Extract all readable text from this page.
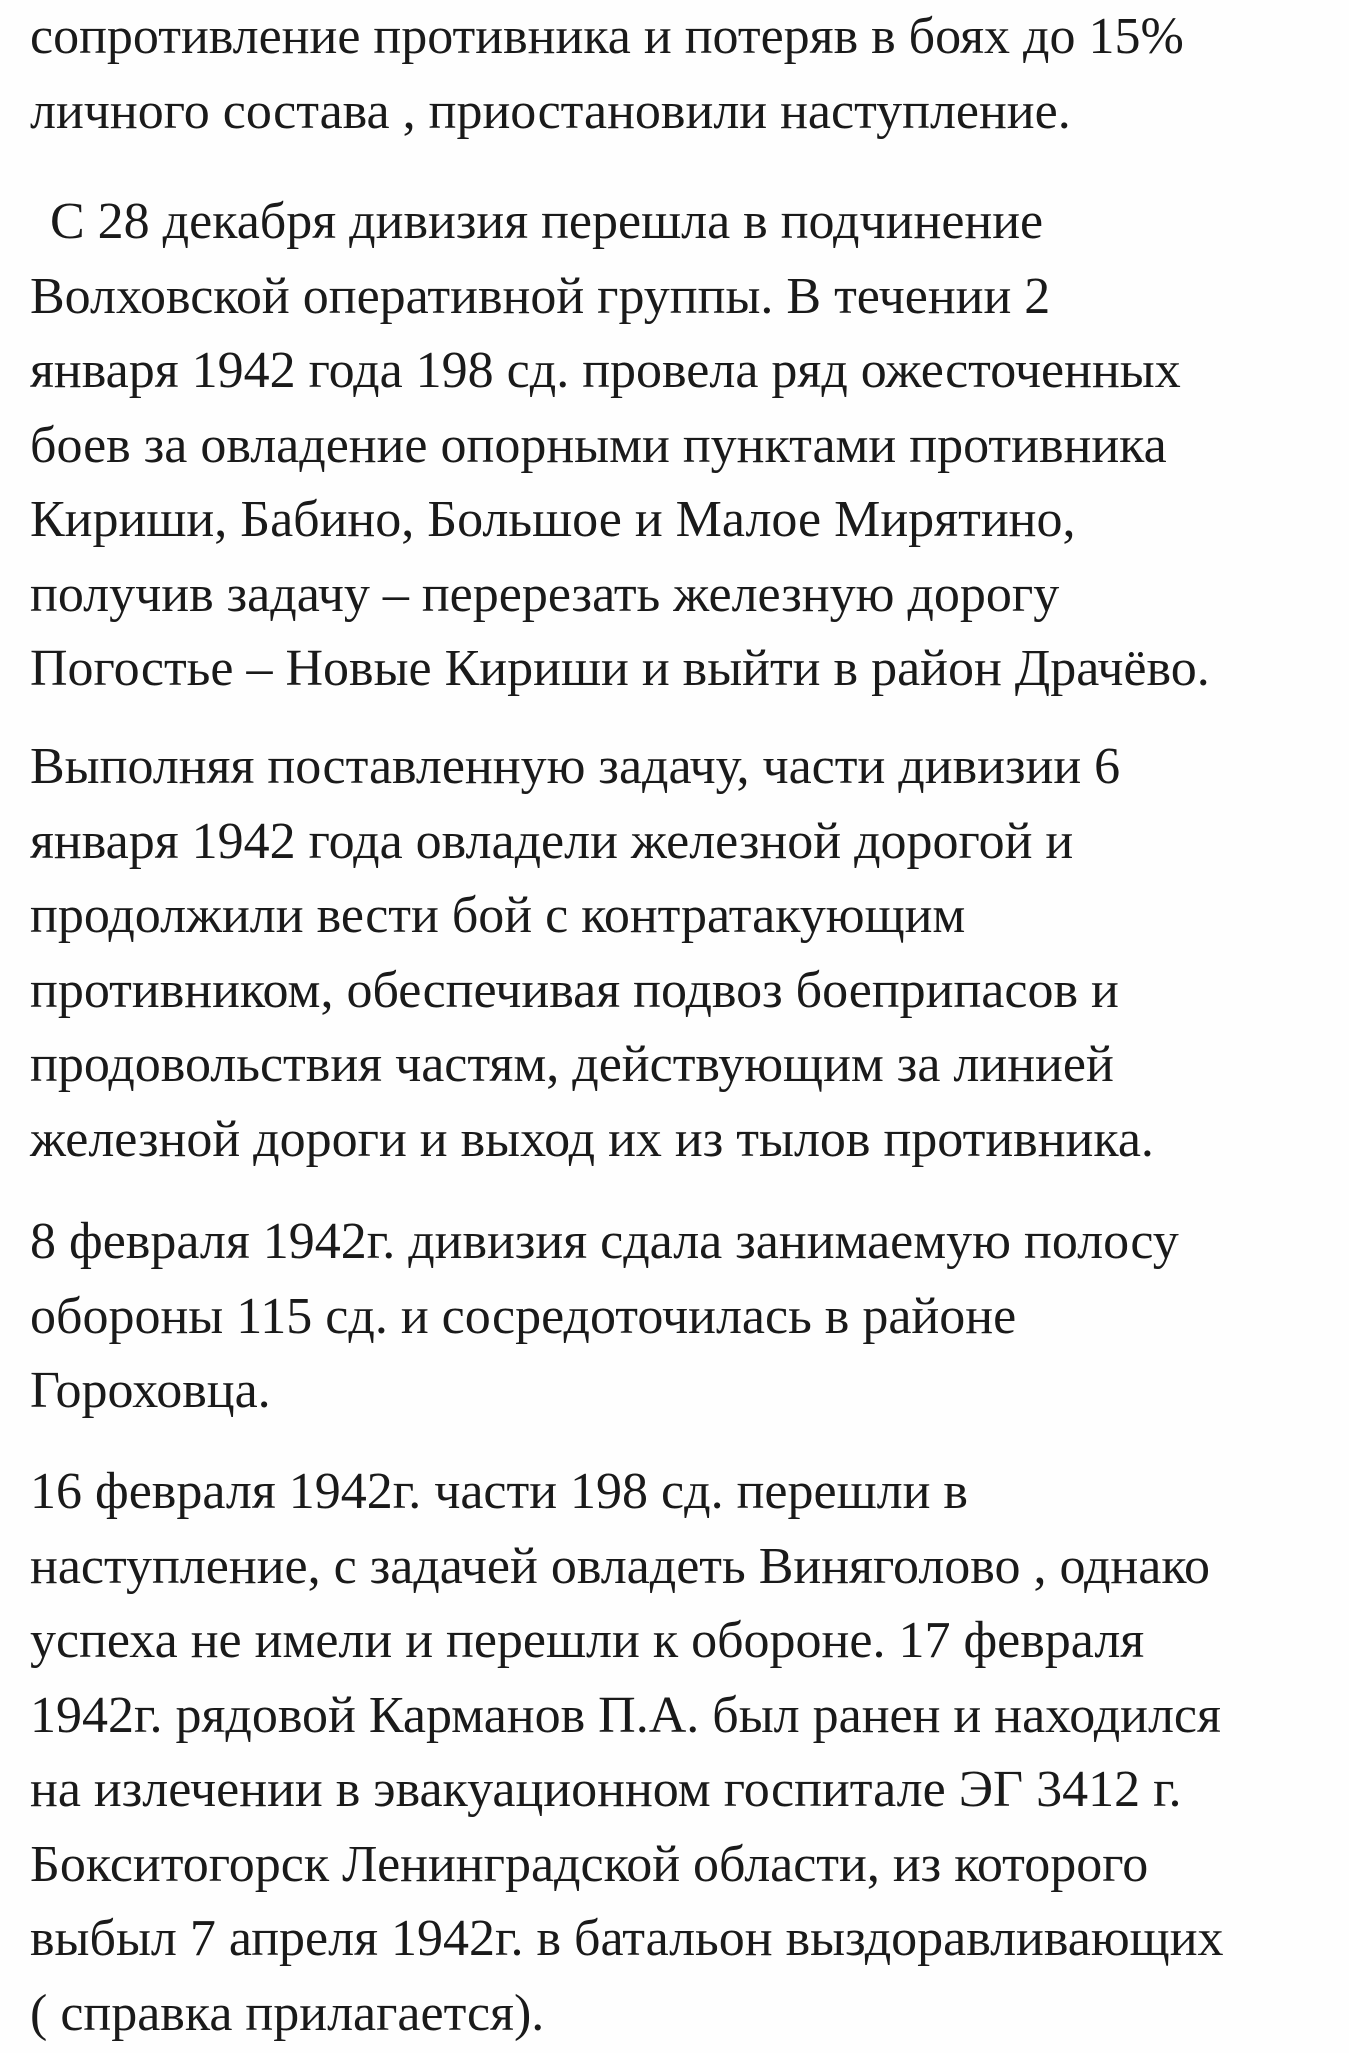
сопротивление противника и потеряв в боях до 15%
личного состава , приостановили наступление.
С 28 декабря дивизия перешла в подчинение
Волховской оперативной группы. В течении 2
января 1942 года 198 сд. провела ряд ожесточенных
боев за овладение опорными пунктами противника
Кириши, Бабино, Большое и Малое Мирятино,
получив задачу – перерезать железную дорогу
Погостье – Новые Кириши и выйти в район Драчёво.
Выполняя поставленную задачу, части дивизии 6
января 1942 года овладели железной дорогой и
продолжили вести бой с контратакующим
противником, обеспечивая подвоз боеприпасов и
продовольствия частям, действующим за линией
железной дороги и выход их из тылов противника.
8 февраля 1942г. дивизия сдала занимаемую полосу
обороны 115 сд. и сосредоточилась в районе
Гороховца.
16 февраля 1942г. части 198 сд. перешли в
наступление, с задачей овладеть Виняголово , однако
успеха не имели и перешли к обороне. 17 февраля
1942г. рядовой Карманов П.А. был ранен и находился
на излечении в эвакуационном госпитале ЭГ 3412 г.
Бокситогорск Ленинградской области, из которого
выбыл 7 апреля 1942г. в батальон выздоравливающих
( справка прилагается).
